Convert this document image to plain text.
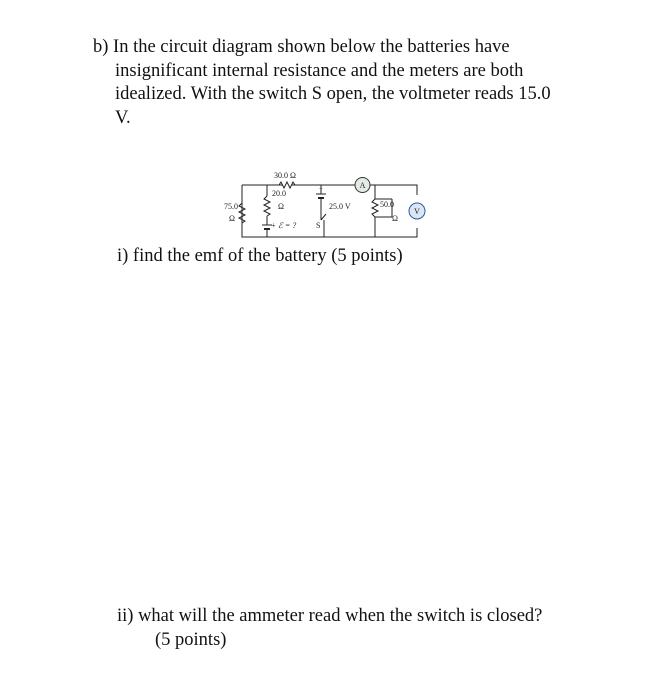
b) In the circuit diagram shown below the batteries have
insignificant internal resistance and the meters are both
idealized. With the switch S open, the voltmeter reads 15.0
V.
A
V
30.0 Ω
20.0
Ω
75.0
Ω
50.0
Ω
25.0 V
+
+ ℰ = ? S
i) find the emf of the battery (5 points)
ii) what will the ammeter read when the switch is closed?
(5 points)
